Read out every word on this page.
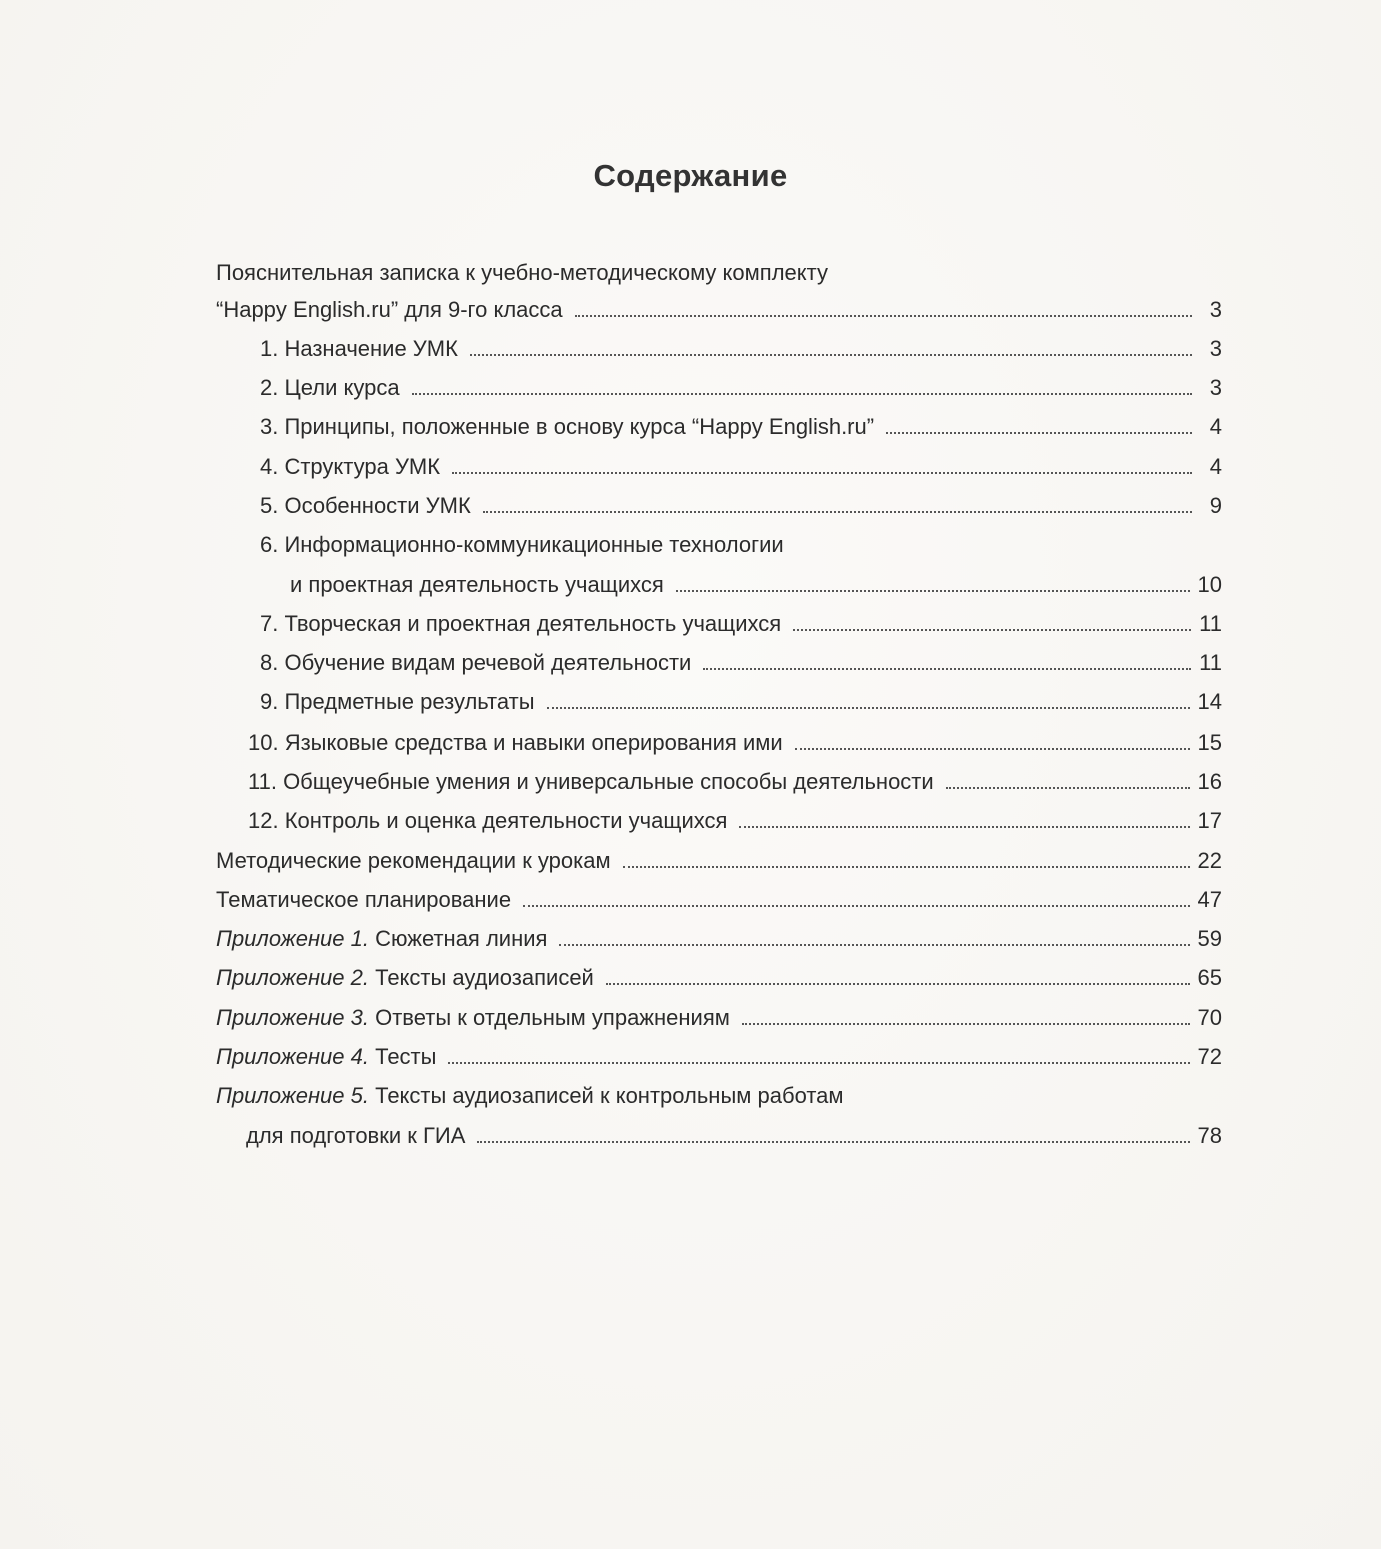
Содержание
Пояснительная записка к учебно-методическому комплекту
“Happy English.ru” для 9-го класса	3
1. Назначение УМК	3
2. Цели курса	3
3. Принципы, положенные в основу курса “Happy English.ru”	4
4. Структура УМК	4
5. Особенности УМК	9
6. Информационно-коммуникационные технологии
и проектная деятельность учащихся	10
7. Творческая и проектная деятельность учащихся	11
8. Обучение видам речевой деятельности	11
9. Предметные результаты	14
10. Языковые средства и навыки оперирования ими	15
11. Общеучебные умения и универсальные способы деятельности	16
12. Контроль и оценка деятельности учащихся	17
Методические рекомендации к урокам	22
Тематическое планирование	47
Приложение 1. Сюжетная линия	59
Приложение 2. Тексты аудиозаписей	65
Приложение 3. Ответы к отдельным упражнениям	70
Приложение 4. Тесты	72
Приложение 5. Тексты аудиозаписей к контрольным работам
для подготовки к ГИА	78
